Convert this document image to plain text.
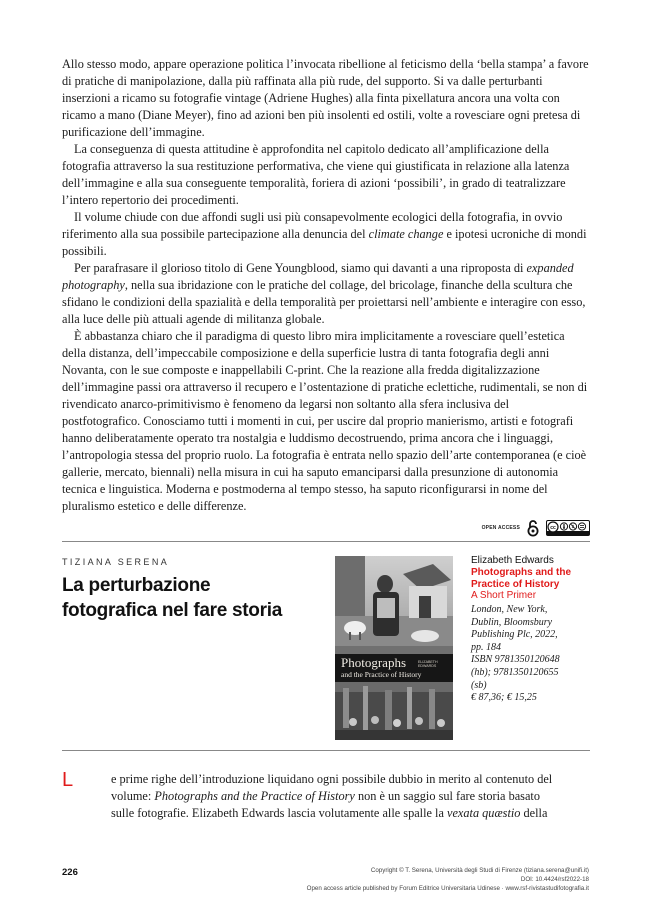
Allo stesso modo, appare operazione politica l’invocata ribellione al feticismo della ‘bella stampa’ a favore di pratiche di manipolazione, dalla più raffinata alla più rude, del supporto. Si va dalle perturbanti inserzioni a ricamo su fotografie vintage (Adriene Hughes) alla finta pixellatura ancora una volta con ricamo a mano (Diane Meyer), fino ad azioni ben più insolenti ed ostili, volte a rovesciare ogni pretesa di purificazione dell’immagine.

La conseguenza di questa attitudine è approfondita nel capitolo dedicato all’amplificazione della fotografia attraverso la sua restituzione performativa, che viene qui giustificata in relazione alla latenza dell’immagine e alla sua conseguente temporalità, foriera di azioni ‘possibili’, in grado di teatralizzare l’intero repertorio dei procedimenti.

Il volume chiude con due affondi sugli usi più consapevolmente ecologici della fotografia, in ovvio riferimento alla sua possibile partecipazione alla denuncia del climate change e ipotesi ucroniche di mondi possibili.

Per parafrasare il glorioso titolo di Gene Youngblood, siamo qui davanti a una riproposta di expanded photography, nella sua ibridazione con le pratiche del collage, del bricolage, finanche della scultura che sfidano le condizioni della spazialità e della temporalità per proiettarsi nell’ambiente e interagire con esso, alla luce delle più attuali agende di militanza globale.

È abbastanza chiaro che il paradigma di questo libro mira implicitamente a rovesciare quell’estetica della distanza, dell’impeccabile composizione e della superficie lustra di tanta fotografia degli anni Novanta, con le sue composte e inappellabili C-print. Che la reazione alla fredda digitalizzazione dell’immagine passi ora attraverso il recupero e l’ostentazione di pratiche eclettiche, rudimentali, se non di rivendicato anarco-primitivismo è fenomeno da legarsi non soltanto alla sfera inclusiva del postfotografico. Conosciamo tutti i momenti in cui, per uscire dal proprio manierismo, artisti e fotografi hanno deliberatamente operato tra nostalgia e luddismo decostruendo, prima ancora che i linguaggi, l’antropologia stessa del proprio ruolo. La fotografia è entrata nello spazio dell’arte contemporanea (e cioè gallerie, mercato, biennali) nella misura in cui ha saputo emanciparsi dalla presunzione di autonomia tecnica e linguistica. Moderna e postmoderna al tempo stesso, ha saputo riconfigurarsi in nome del pluralismo estetico e delle differenze.

OPEN ACCESS	cc
TIZIANA SERENA
La perturbazione fotografica nel fare storia
Photographs
and the Practice of History
ELIZABETH
EDWARDS
Elizabeth Edwards
Photographs and the Practice of History
A Short Primer
London, New York,
Dublin, Bloomsbury
Publishing Plc, 2022,
pp. 184
ISBN 9781350120648
(hb); 9781350120655
(sb)
€ 87,36; € 15,25
L	e prime righe dell’introduzione liquidano ogni possibile dubbio in merito al contenuto del
volume: Photographs and the Practice of History non è un saggio sul fare storia basato
sulle fotografie. Elizabeth Edwards lascia volutamente alle spalle la vexata quæstio della
226	Copyright © T. Serena, Università degli Studi di Firenze (tiziana.serena@unifi.it)
DOI: 10.4424/rsf2022-18
Open access article published by Forum Editrice Universitaria Udinese · www.rsf-rivistastudifotografia.it
